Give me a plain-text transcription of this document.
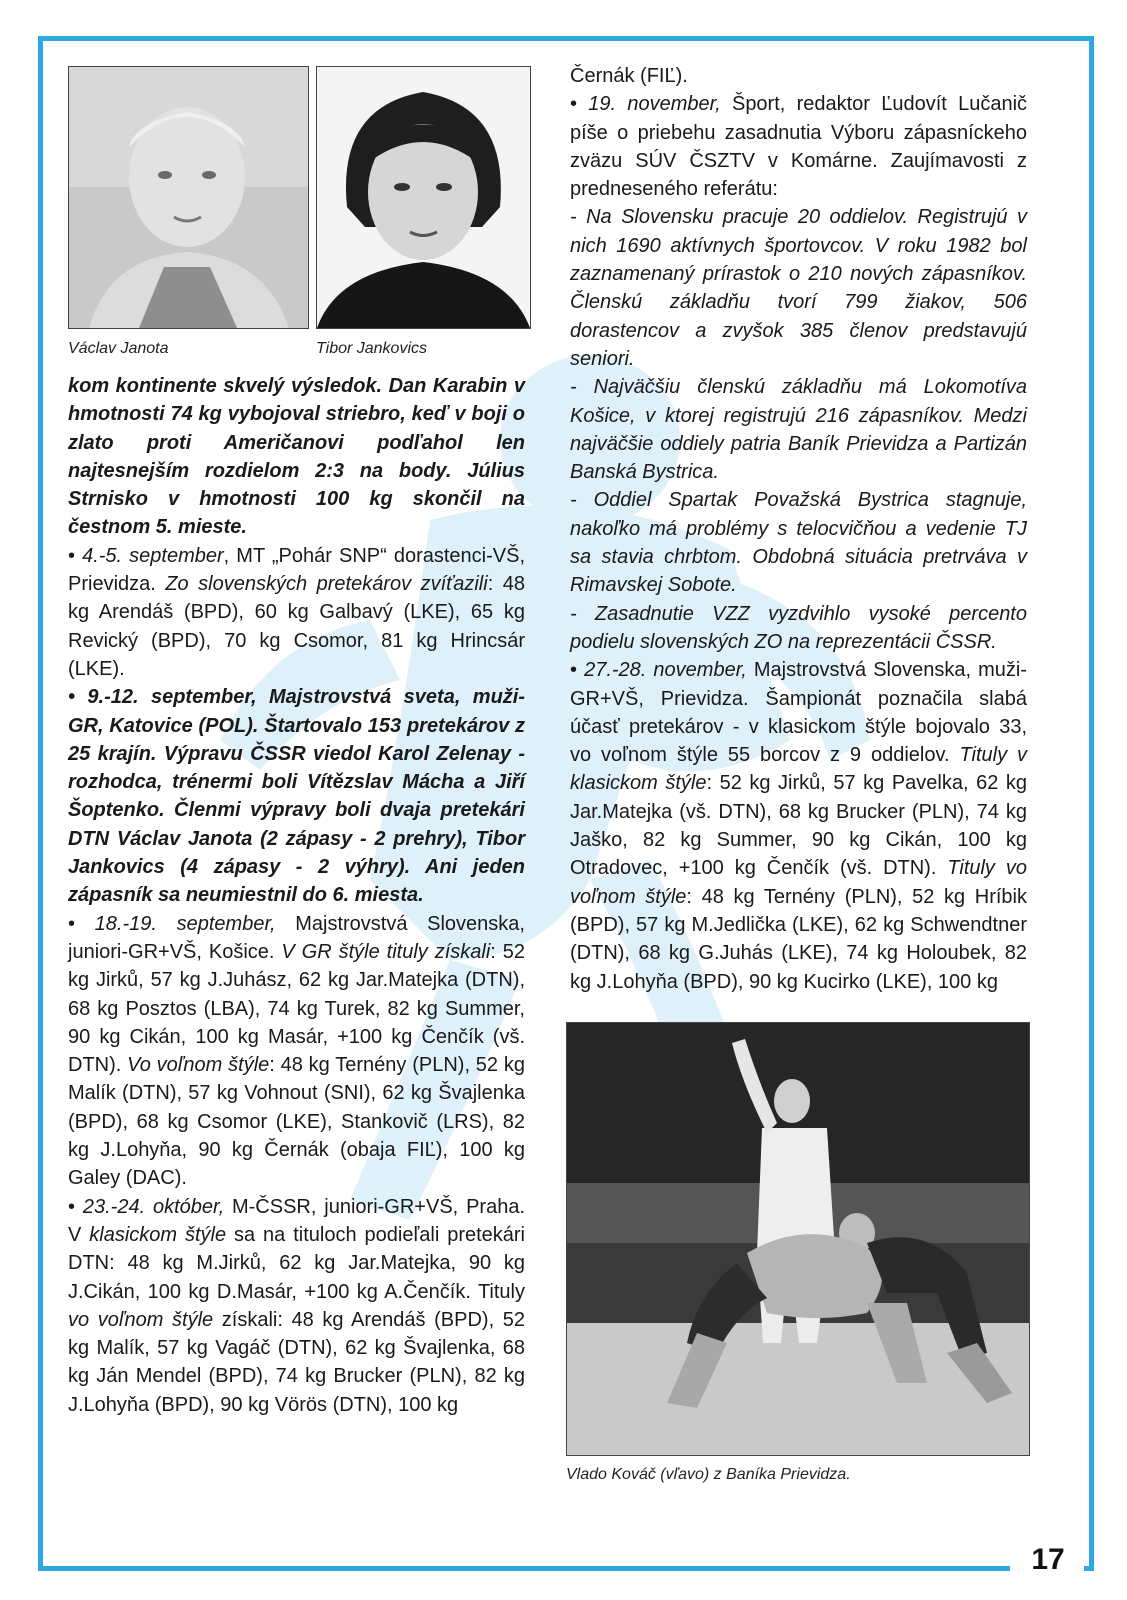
17
Václav Janota	Tibor Jankovics

kom kontinente skvelý výsledok. Dan Karabin v hmotnosti 74 kg vybojoval striebro, keď v boji o zlato proti Američanovi podľahol len najtesnejším rozdielom 2:3 na body. Július Strnisko v hmotnosti 100 kg skončil na čestnom 5. mieste.

• 4.-5. september, MT „Pohár SNP“ dorastenci-VŠ, Prievidza. Zo slovenských pretekárov zvíťazili: 48 kg Arendáš (BPD), 60 kg Galbavý (LKE), 65 kg Revický (BPD), 70 kg Csomor, 81 kg Hrincsár (LKE).

• 9.-12. september, Majstrovstvá sveta, muži-GR, Katovice (POL). Štartovalo 153 pretekárov z 25 krajín. Výpravu ČSSR viedol Karol Zelenay - rozhodca, trénermi boli Vítězslav Mácha a Jiří Šoptenko. Členmi výpravy boli dvaja pretekári DTN Václav Janota (2 zápasy - 2 prehry), Tibor Jankovics (4 zápasy - 2 výhry). Ani jeden zápasník sa neumiestnil do 6. miesta.

• 18.-19. september, Majstrovstvá Slovenska, juniori-GR+VŠ, Košice. V GR štýle tituly získali: 52 kg Jirků, 57 kg J.Juhász, 62 kg Jar.Matejka (DTN), 68 kg Posztos (LBA), 74 kg Turek, 82 kg Summer, 90 kg Cikán, 100 kg Masár, +100 kg Čenčík (vš. DTN). Vo voľnom štýle: 48 kg Ternény (PLN), 52 kg Malík (DTN), 57 kg Vohnout (SNI), 62 kg Švajlenka (BPD), 68 kg Csomor (LKE), Stankovič (LRS), 82 kg J.Lohyňa, 90 kg Černák (obaja FIĽ), 100 kg Galey (DAC).

• 23.-24. október, M-ČSSR, juniori-GR+VŠ, Praha. V klasickom štýle sa na tituloch podieľali pretekári DTN: 48 kg M.Jirků, 62 kg Jar.Matejka, 90 kg J.Cikán, 100 kg D.Masár, +100 kg A.Čenčík. Tituly vo voľnom štýle získali: 48 kg Arendáš (BPD), 52 kg Malík, 57 kg Vagáč (DTN), 62 kg Švajlenka, 68 kg Ján Mendel (BPD), 74 kg Brucker (PLN), 82 kg J.Lohyňa (BPD), 90 kg Vörös (DTN), 100 kg

Černák (FIĽ).

• 19. november, Šport, redaktor Ľudovít Lučanič píše o priebehu zasadnutia Výboru zápasníckeho zväzu SÚV ČSZTV v Komárne. Zaujímavosti z predneseného referátu:

- Na Slovensku pracuje 20 oddielov. Registrujú v nich 1690 aktívnych športovcov. V roku 1982 bol zaznamenaný prírastok o 210 nových zápasníkov. Členskú základňu tvorí 799 žiakov, 506 dorastencov a zvyšok 385 členov predstavujú seniori.

- Najväčšiu členskú základňu má Lokomotíva Košice, v ktorej registrujú 216 zápasníkov. Medzi najväčšie oddiely patria Baník Prievidza a Partizán Banská Bystrica.

- Oddiel Spartak Považská Bystrica stagnuje, nakoľko má problémy s telocvičňou a vedenie TJ sa stavia chrbtom. Obdobná situácia pretrváva v Rimavskej Sobote.

- Zasadnutie VZZ vyzdvihlo vysoké percento podielu slovenských ZO na reprezentácii ČSSR.

• 27.-28. november, Majstrovstvá Slovenska, muži-GR+VŠ, Prievidza. Šampionát poznačila slabá účasť pretekárov - v klasickom štýle bojovalo 33, vo voľnom štýle 55 borcov z 9 oddielov. Tituly v klasickom štýle: 52 kg Jirků, 57 kg Pavelka, 62 kg Jar.Matejka (vš. DTN), 68 kg Brucker (PLN), 74 kg Jaško, 82 kg Summer, 90 kg Cikán, 100 kg Otradovec, +100 kg Čenčík (vš. DTN). Tituly vo voľnom štýle: 48 kg Ternény (PLN), 52 kg Hríbik (BPD), 57 kg M.Jedlička (LKE), 62 kg Schwendtner (DTN), 68 kg G.Juhás (LKE), 74 kg Holoubek, 82 kg J.Lohyňa (BPD), 90 kg Kucirko (LKE), 100 kg

Vlado Kováč (vľavo) z Baníka Prievidza.
